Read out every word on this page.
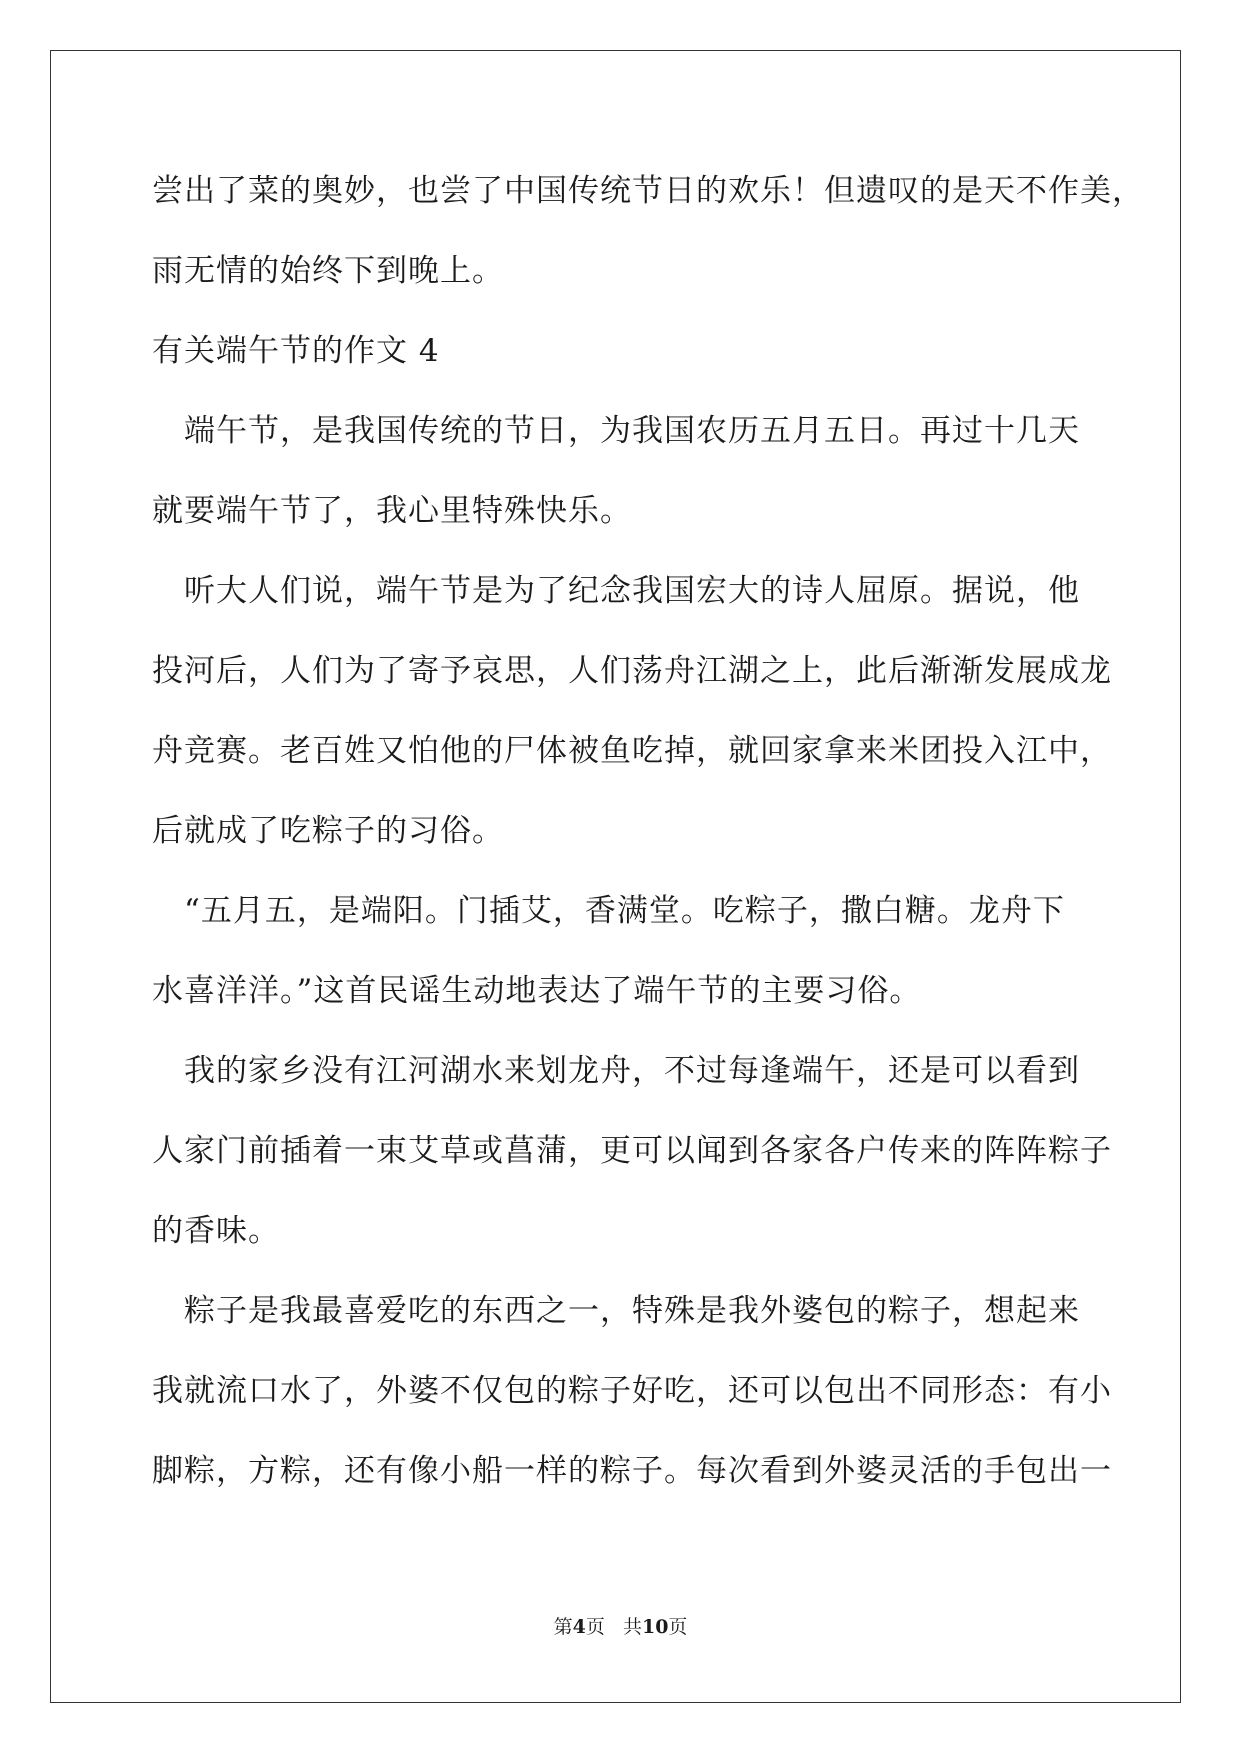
尝出了菜的奥妙，也尝了中国传统节日的欢乐！但遗叹的是天不作美，
雨无情的始终下到晚上。
有关端午节的作文 4
　端午节，是我国传统的节日，为我国农历五月五日。再过十几天
就要端午节了，我心里特殊快乐。
　听大人们说，端午节是为了纪念我国宏大的诗人屈原。据说，他
投河后，人们为了寄予哀思，人们荡舟江湖之上，此后渐渐发展成龙
舟竞赛。老百姓又怕他的尸体被鱼吃掉，就回家拿来米团投入江中，
后就成了吃粽子的习俗。
　“五月五，是端阳。门插艾，香满堂。吃粽子，撒白糖。龙舟下
水喜洋洋。”这首民谣生动地表达了端午节的主要习俗。
　我的家乡没有江河湖水来划龙舟，不过每逢端午，还是可以看到
人家门前插着一束艾草或菖蒲，更可以闻到各家各户传来的阵阵粽子
的香味。
　粽子是我最喜爱吃的东西之一，特殊是我外婆包的粽子，想起来
我就流口水了，外婆不仅包的粽子好吃，还可以包出不同形态：有小
脚粽，方粽，还有像小船一样的粽子。每次看到外婆灵活的手包出一
第4页 共10页
